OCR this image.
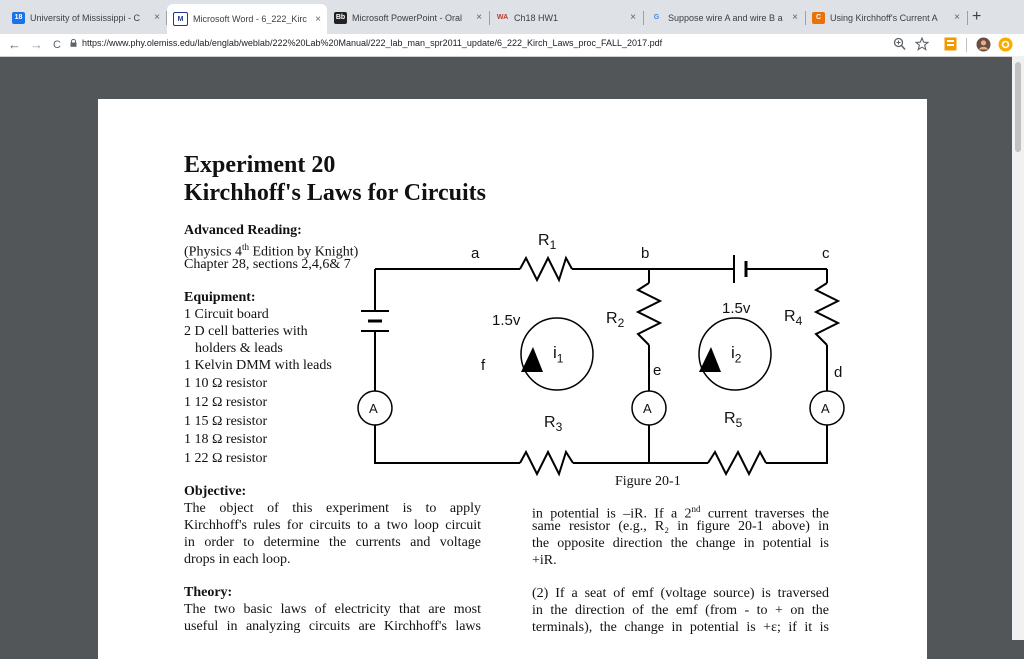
18 University of Mississippi - C	×	M	Microsoft Word - 6_222_Kirc × Bb Microsoft PowerPoint - Oral	× WA Ch18 HW1	×	G Suppose wire A and wire B a ×	C Using Kirchhoff's Current A	× +
← → C https://www.phy.olemiss.edu/lab/englab/weblab/222%20Lab%20Manual/222_lab_man_spr2011_update/6_222_Kirch_Laws_proc_FALL_2017.pdf
Experiment 20
Kirchhoff's Laws for Circuits
Advanced Reading:
(Physics 4th Edition by Knight)
Chapter 28, sections 2,4,6& 7
Equipment:
1 Circuit board
2 D cell batteries with
holders & leads
1 Kelvin DMM with leads
1 10 Ω resistor
1 12 Ω resistor
1 15 Ω resistor
1 18 Ω resistor
1 22 Ω resistor
Objective:
The object of this experiment is to apply
Kirchhoff's rules for circuits to a two loop circuit
in order to determine the currents and voltage
drops in each loop.
Theory:
The two basic laws of electricity that are most
useful in analyzing circuits are Kirchhoff's laws
Figure 20-1
in potential is –iR. If a 2nd current traverses the
same resistor (e.g., R₂ in figure 20-1 above) in
the opposite direction the change in potential is
+iR.
(2) If a seat of emf (voltage source) is traversed
in the direction of the emf (from - to + on the
terminals), the change in potential is +ε; if it is
a	b	c
d
e
f
$R_1$
$R_2$
$R_3$
$R_4$
$R_5$
1.5v
1.5v
$i_1$	$i_2$
A	A	A
